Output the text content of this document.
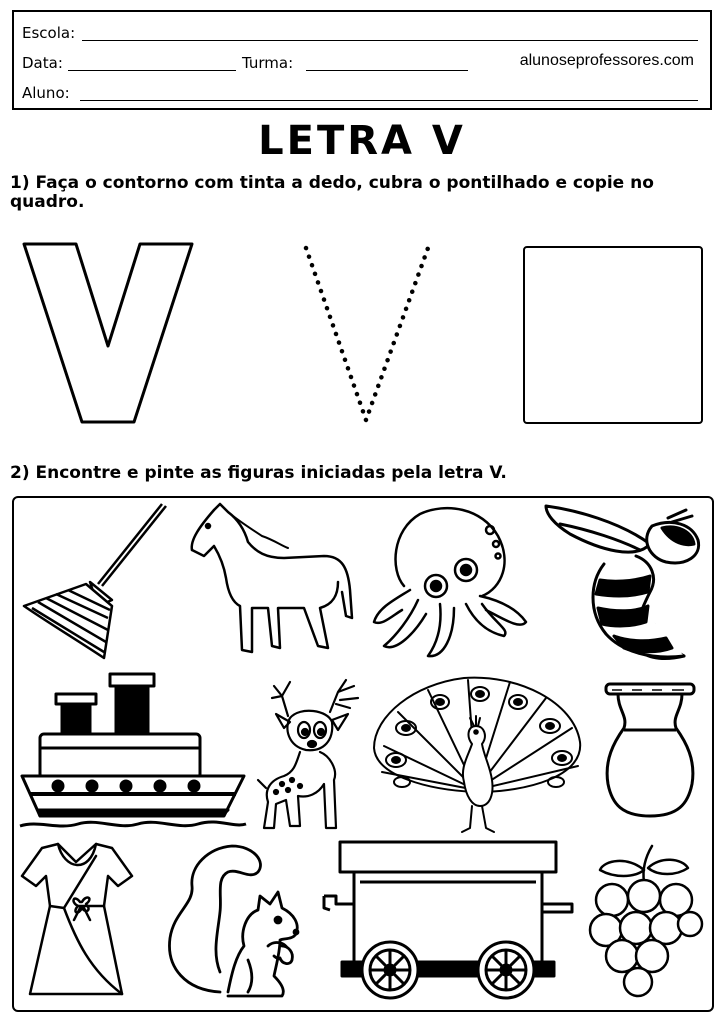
Escola:
Data:	Turma:	alunoseprofessores.com
Aluno:
LETRA V
1) Faça o contorno com tinta a dedo, cubra o pontilhado e copie no quadro.
2) Encontre e pinte as figuras iniciadas pela letra V.
